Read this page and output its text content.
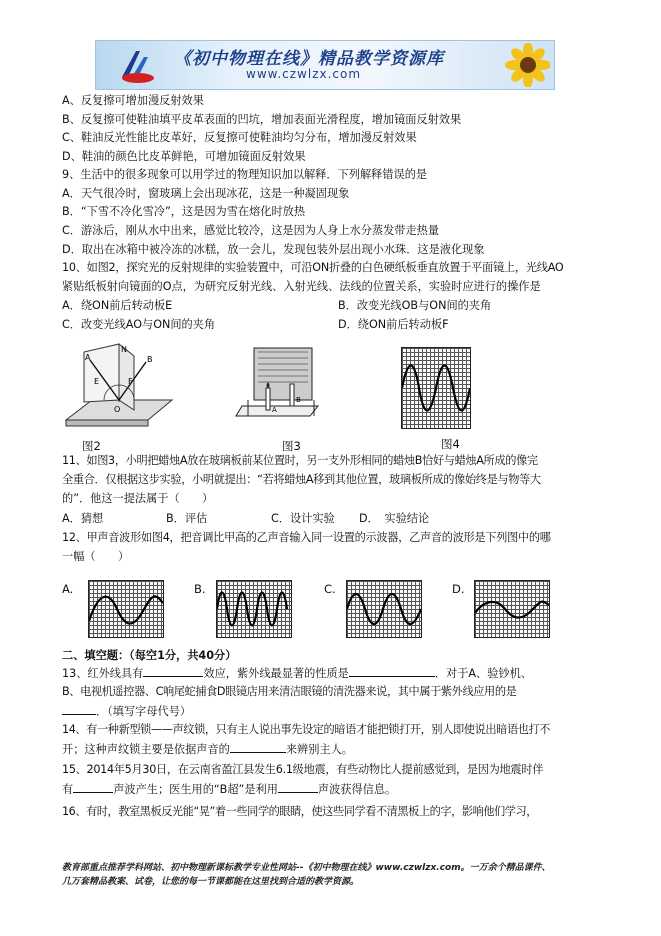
《初中物理在线》精品教学资源库
www.czwlzx.com
A、反复擦可增加漫反射效果
B、反复擦可使鞋油填平皮革表面的凹坑，增加表面光滑程度，增加镜面反射效果
C、鞋油反光性能比皮革好，反复擦可使鞋油均匀分布，增加漫反射效果
D、鞋油的颜色比皮革鲜艳，可增加镜面反射效果
9、生活中的很多现象可以用学过的物理知识加以解释．下列解释错误的是
A．天气很冷时，窗玻璃上会出现冰花，这是一种凝固现象
B．“下雪不冷化雪冷”，这是因为雪在熔化时放热
C．游泳后，刚从水中出来，感觉比较冷，这是因为人身上水分蒸发带走热量
D．取出在冰箱中被冷冻的冰糕，放一会儿，发现包装外层出现小水珠．这是液化现象
10、如图2，探究光的反射规律的实验装置中，可沿ON折叠的白色硬纸板垂直放置于平面镜上，光线AO
紧贴纸板射向镜面的O点，为研究反射光线、入射光线、法线的位置关系，实验时应进行的操作是
A．绕ON前后转动板E	B．改变光线OB与ON间的夹角
C．改变光线AO与ON间的夹角	D．绕ON前后转动板F
E	F
O
N
A	B
图2
A
B
图3	图4
11、如图3，小明把蜡烛A放在玻璃板前某位置时，另一支外形相同的蜡烛B恰好与蜡烛A所成的像完
全重合．仅根据这步实验，小明就提出：“若将蜡烛A移到其他位置，玻璃板所成的像始终是与物等大
的”．他这一提法属于（　　）
A．猜想	B．评估	C．设计实验 D．　实验结论
12、甲声音波形如图4，把音调比甲高的乙声音输入同一设置的示波器，乙声音的波形是下列图中的哪
一幅（　　）
A.	B.	C.	D.
二、填空题：（每空1分，共40分）
13、红外线具有	效应，紫外线最显著的性质是	．对于A、验钞机、
B、电视机遥控器、C响尾蛇捕食D眼镜店用来清洁眼镜的清洗器来说，其中属于紫外线应用的是
．（填写字母代号）
14、有一种新型锁——声纹锁，只有主人说出事先设定的暗语才能把锁打开，别人即使说出暗语也打不
开；这种声纹锁主要是依据声音的	来辨别主人。
15、2014年5月30日，在云南省盈江县发生6.1级地震，有些动物比人提前感觉到，是因为地震时伴
有	声波产生；医生用的“B超”是利用	声波获得信息。
16、有时，教室黑板反光能“晃”着一些同学的眼睛，使这些同学看不清黑板上的字，影响他们学习，
教育部重点推荐学科网站、初中物理新课标教学专业性网站--《初中物理在线》www.czwlzx.com。一万余个精品课件、
几万套精品教案、试卷，让您的每一节课都能在这里找到合适的教学资源。
